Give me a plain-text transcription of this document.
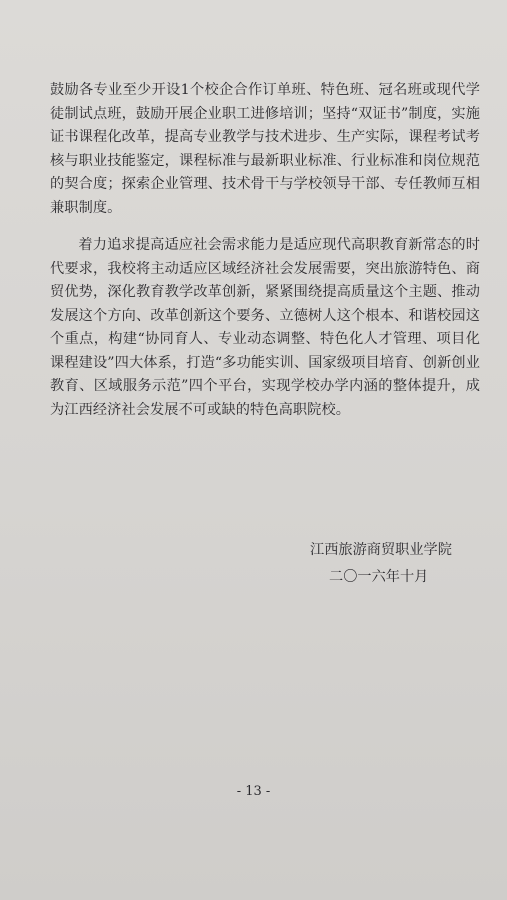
鼓励各专业至少开设1个校企合作订单班、特色班、冠名班或现代学徒制试点班，鼓励开展企业职工进修培训；坚持“双证书”制度，实施证书课程化改革，提高专业教学与技术进步、生产实际，课程考试考核与职业技能鉴定，课程标准与最新职业标准、行业标准和岗位规范的契合度；探索企业管理、技术骨干与学校领导干部、专任教师互相兼职制度。

着力追求提高适应社会需求能力是适应现代高职教育新常态的时代要求，我校将主动适应区域经济社会发展需要，突出旅游特色、商贸优势，深化教育教学改革创新，紧紧围绕提高质量这个主题、推动发展这个方向、改革创新这个要务、立德树人这个根本、和谐校园这个重点，构建“协同育人、专业动态调整、特色化人才管理、项目化课程建设”四大体系，打造“多功能实训、国家级项目培育、创新创业教育、区域服务示范”四个平台，实现学校办学内涵的整体提升，成为江西经济社会发展不可或缺的特色高职院校。

江西旅游商贸职业学院

二〇一六年十月

- 13 -
